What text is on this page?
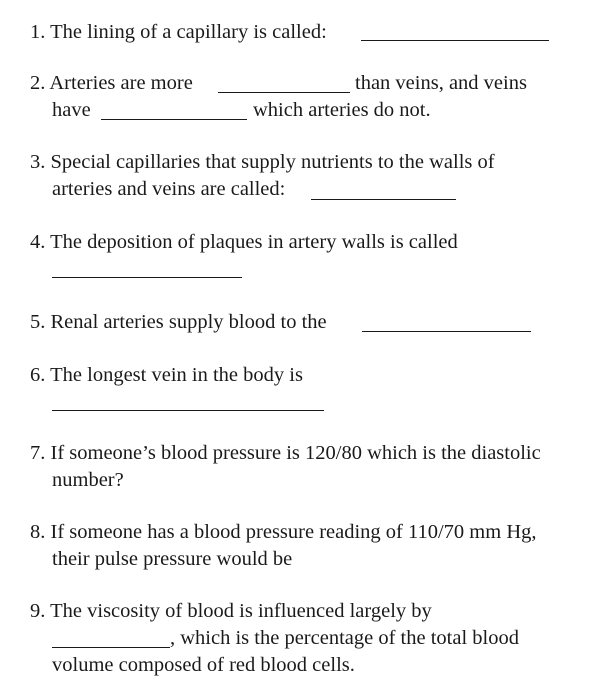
1. The lining of a capillary is called:
2. Arteries are more	than veins, and veins
have	which arteries do not.
3. Special capillaries that supply nutrients to the walls of
arteries and veins are called:
4. The deposition of plaques in artery walls is called
5. Renal arteries supply blood to the
6. The longest vein in the body is
7. If someone’s blood pressure is 120/80 which is the diastolic
number?
8. If someone has a blood pressure reading of 110/70 mm Hg,
their pulse pressure would be
9. The viscosity of blood is influenced largely by
, which is the percentage of the total blood
volume composed of red blood cells.
